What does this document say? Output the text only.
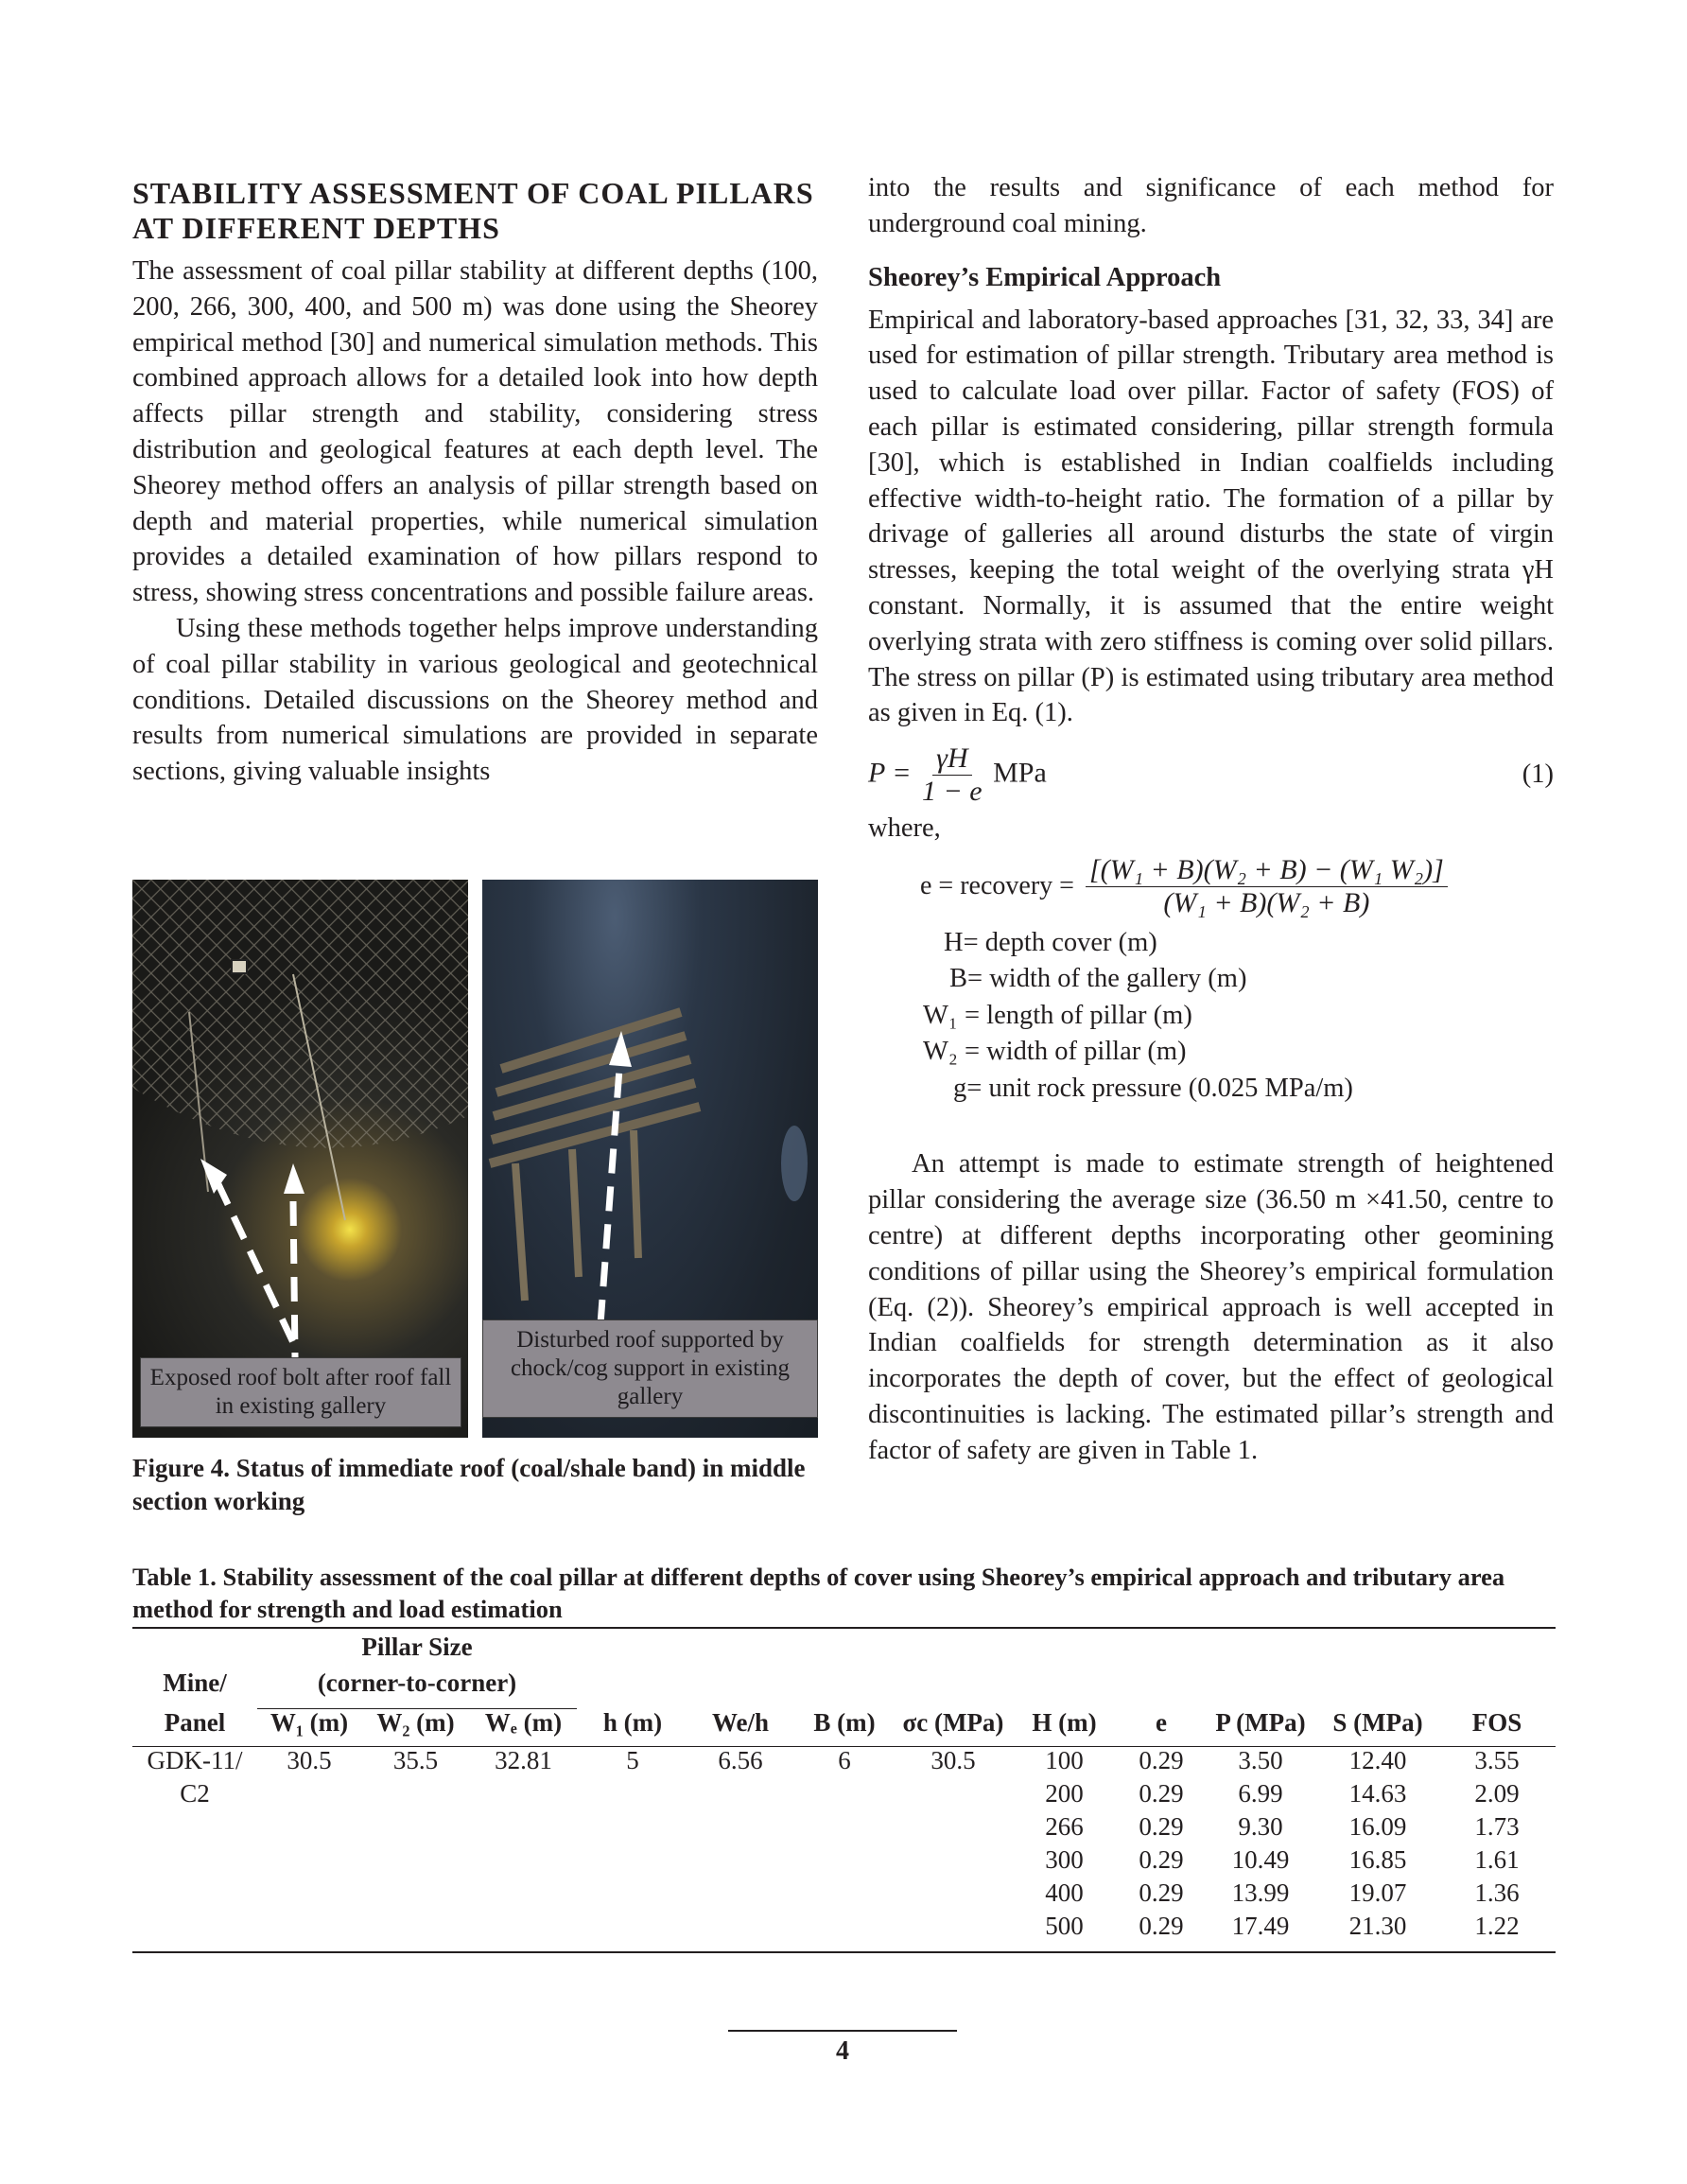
STABILITY ASSESSMENT OF COAL PILLARS AT DIFFERENT DEPTHS

The assessment of coal pillar stability at different depths (100, 200, 266, 300, 400, and 500 m) was done using the Sheorey empirical method [30] and numerical simulation methods. This combined approach allows for a detailed look into how depth affects pillar strength and stability, considering stress distribution and geological features at each depth level. The Sheorey method offers an analysis of pillar strength based on depth and material properties, while numerical simulation provides a detailed examination of how pillars respond to stress, showing stress concentrations and possible failure areas.

Using these methods together helps improve understanding of coal pillar stability in various geological and geotechnical conditions. Detailed discussions on the Sheorey method and results from numerical simulations are provided in separate sections, giving valuable insights

into the results and significance of each method for underground coal mining.

Sheorey’s Empirical Approach

Empirical and laboratory-based approaches [31, 32, 33, 34] are used for estimation of pillar strength. Tributary area method is used to calculate load over pillar. Factor of safety (FOS) of each pillar is estimated considering, pillar strength formula [30], which is established in Indian coalfields including effective width-to-height ratio. The formation of a pillar by drivage of galleries all around disturbs the state of virgin stresses, keeping the total weight of the overlying strata γH constant. Normally, it is assumed that the entire weight overlying strata with zero stiffness is coming over solid pillars. The stress on pillar (P) is estimated using tributary area method as given in Eq. (1).

$P = \frac{\gamma H}{1 - e}$ MPa	(1)
where,
e = recovery = $\frac{\text{[(W₁ + B)(W₂ + B) − (W₁ W₂)]}}{\text{(W₁ + B)(W₂ + B)}}$
H= depth cover (m)
B= width of the gallery (m)
W₁ = length of pillar (m)
W₂ = width of pillar (m)
g= unit rock pressure (0.025 MPa/m)

An attempt is made to estimate strength of heightened pillar considering the average size (36.50 m ×41.50, centre to centre) at different depths incorporating other geomining conditions of pillar using the Sheorey’s empirical formulation (Eq. (2)). Sheorey’s empirical approach is well accepted in Indian coalfields for strength determination as it also incorporates the depth of cover, but the effect of geological discontinuities is lacking. The estimated pillar’s strength and factor of safety are given in Table 1.

Exposed roof bolt after roof fall in existing gallery
Disturbed roof supported by chock/cog support in existing gallery
Figure 4. Status of immediate roof (coal/shale band) in middle section working
Table 1. Stability assessment of the coal pillar at different depths of cover using Sheorey’s empirical approach and tributary area method for strength and load estimation
	Pillar Size											
Mine/	(corner-to-corner)											
Panel	W₁ (m)	W₂ (m)	Wₑ (m)	h (m)	We/h	B (m)	σc (MPa)	H (m)	e	P (MPa)	S (MPa)	FOS
GDK-11/	30.5	35.5	32.81	5	6.56	6	30.5	100	0.29	3.50	12.40	3.55
C2								200	0.29	6.99	14.63	2.09
								266	0.29	9.30	16.09	1.73
								300	0.29	10.49	16.85	1.61
								400	0.29	13.99	19.07	1.36
								500	0.29	17.49	21.30	1.22
4
